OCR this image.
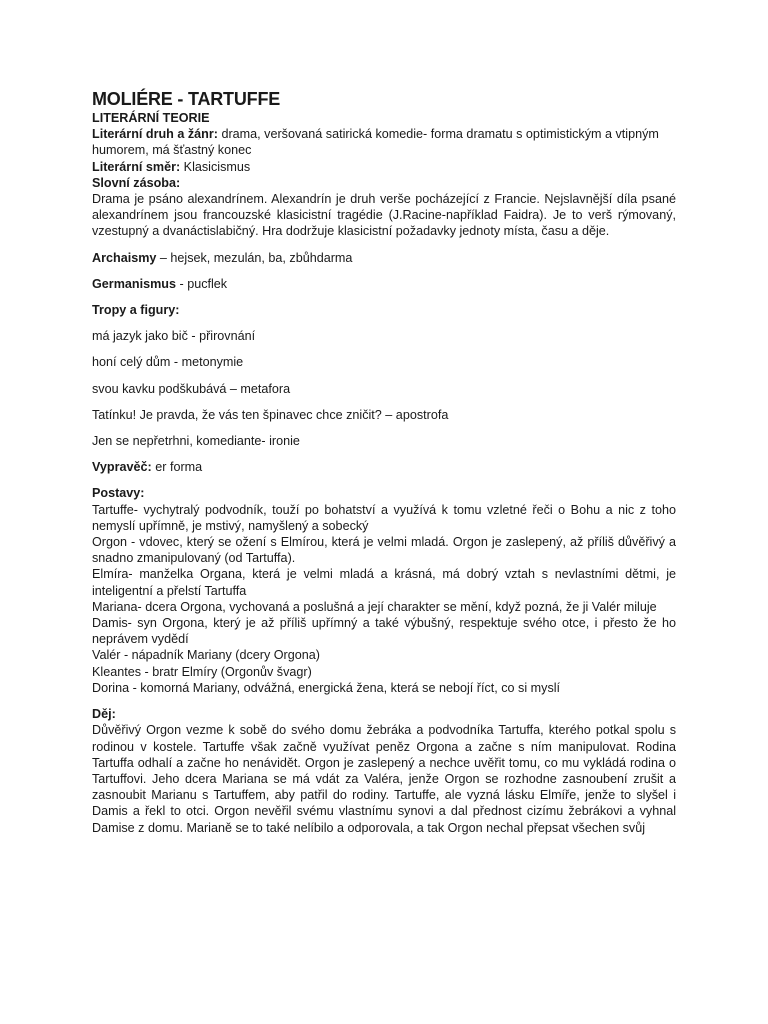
MOLIÉRE - TARTUFFE
LITERÁRNÍ TEORIE
Literární druh a žánr: drama, veršovaná satirická komedie- forma dramatu s optimistickým a vtipným humorem, má šťastný konec
Literární směr: Klasicismus
Slovní zásoba:

Drama je psáno alexandrínem. Alexandrín je druh verše pocházející z Francie. Nejslavnější díla psané alexandrínem jsou francouzské klasicistní tragédie (J.Racine-například Faidra). Je to verš rýmovaný, vzestupný a dvanáctislabičný. Hra dodržuje klasicistní požadavky jednoty místa, času a děje.

Archaismy – hejsek, mezulán, ba, zbůhdarma
Germanismus - pucflek
Tropy a figury:
má jazyk jako bič - přirovnání
honí celý dům - metonymie
svou kavku podškubává – metafora
Tatínku! Je pravda, že vás ten špinavec chce zničit? – apostrofa
Jen se nepřetrhni, komediante- ironie
Vypravěč: er forma
Postavy:

Tartuffe- vychytralý podvodník, touží po bohatství a využívá k tomu vzletné řeči o Bohu a nic z toho nemyslí upřímně, je mstivý, namyšlený a sobecký

Orgon - vdovec, který se ožení s Elmírou, která je velmi mladá. Orgon je zaslepený, až příliš důvěřivý a snadno zmanipulovaný (od Tartuffa).

Elmíra- manželka Organa, která je velmi mladá a krásná, má dobrý vztah s nevlastními dětmi, je inteligentní a přelstí Tartuffa

Mariana- dcera Orgona, vychovaná a poslušná a její charakter se mění, když pozná, že ji Valér miluje

Damis- syn Orgona, který je až příliš upřímný a také výbušný, respektuje svého otce, i přesto že ho neprávem vydědí

Valér - nápadník Mariany (dcery Orgona)

Kleantes - bratr Elmíry (Orgonův švagr)

Dorina - komorná Mariany, odvážná, energická žena, která se nebojí říct, co si myslí

Děj:

Důvěřivý Orgon vezme k sobě do svého domu žebráka a podvodníka Tartuffa, kterého potkal spolu s rodinou v kostele. Tartuffe však začně využívat peněz Orgona a začne s ním manipulovat. Rodina Tartuffa odhalí a začne ho nenávidět. Orgon je zaslepený a nechce uvěřit tomu, co mu vykládá rodina o Tartuffovi. Jeho dcera Mariana se má vdát za Valéra, jenže Orgon se rozhodne zasnoubení zrušit a zasnoubit Marianu s Tartuffem, aby patřil do rodiny. Tartuffe, ale vyzná lásku Elmíře, jenže to slyšel i Damis a řekl to otci. Orgon nevěřil svému vlastnímu synovi a dal přednost cizímu žebrákovi a vyhnal Damise z domu. Marianě se to také nelíbilo a odporovala, a tak Orgon nechal přepsat všechen svůj
